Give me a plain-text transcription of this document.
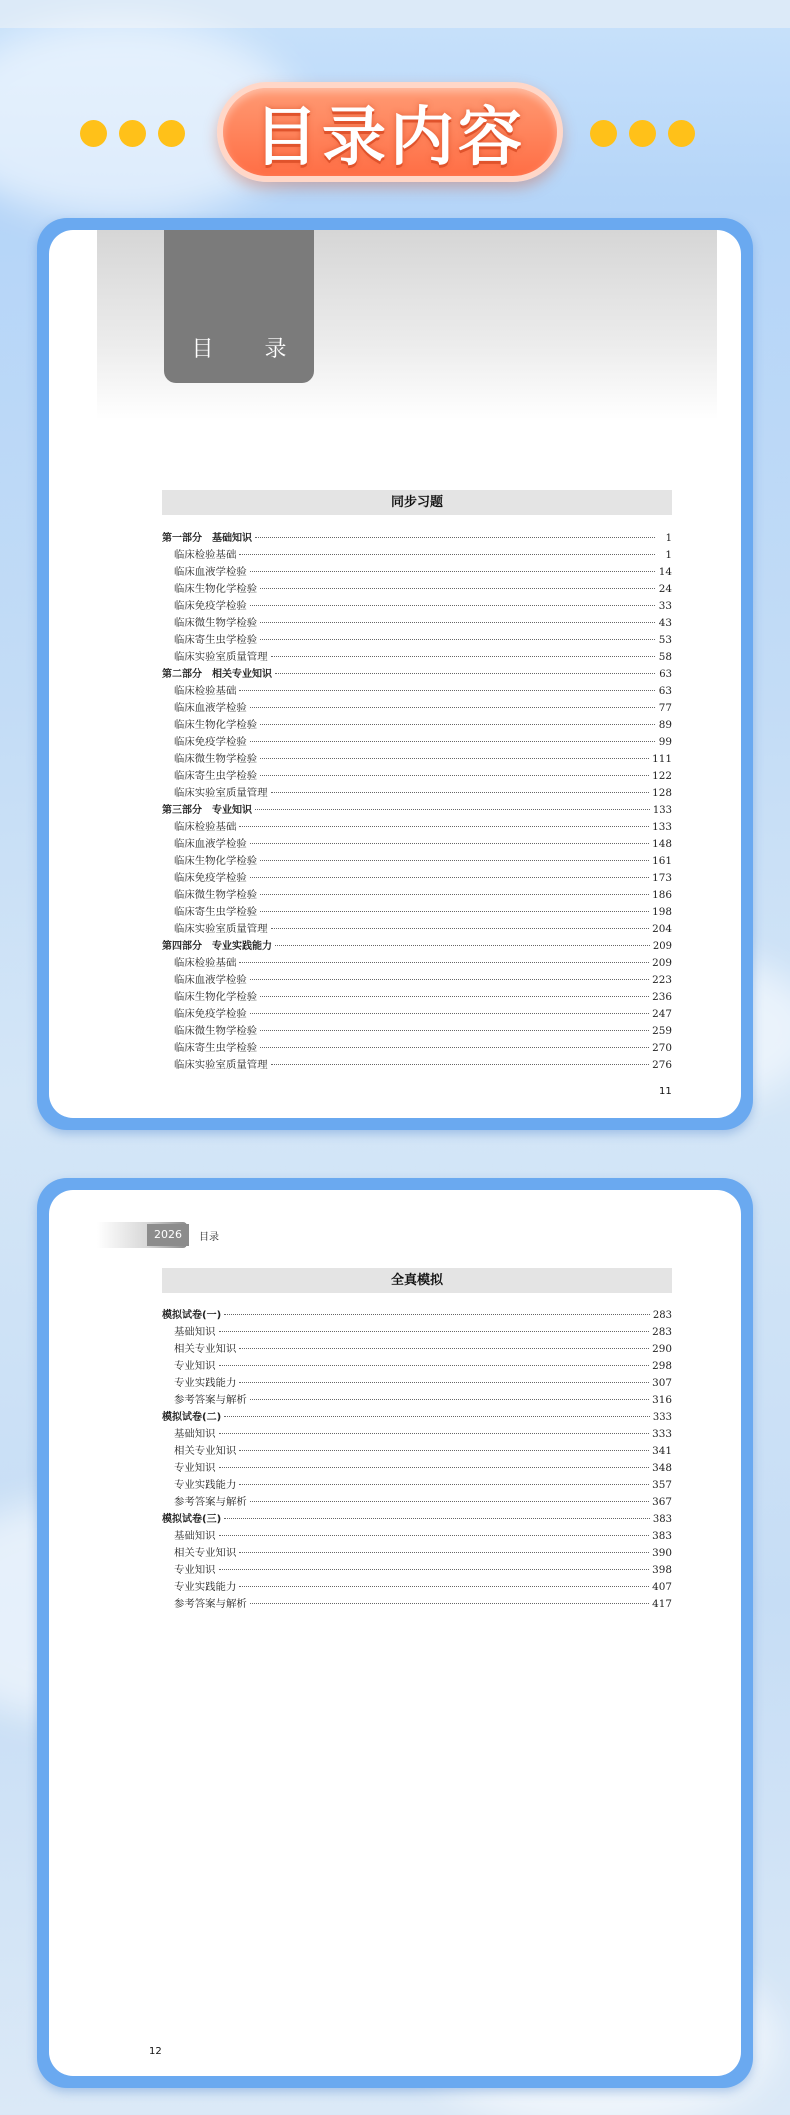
目录内容
目 录
同步习题
第一部分　基础知识	1
临床检验基础	1
临床血液学检验	14
临床生物化学检验	24
临床免疫学检验	33
临床微生物学检验	43
临床寄生虫学检验	53
临床实验室质量管理	58
第二部分　相关专业知识	63
临床检验基础	63
临床血液学检验	77
临床生物化学检验	89
临床免疫学检验	99
临床微生物学检验	111
临床寄生虫学检验	122
临床实验室质量管理	128
第三部分　专业知识	133
临床检验基础	133
临床血液学检验	148
临床生物化学检验	161
临床免疫学检验	173
临床微生物学检验	186
临床寄生虫学检验	198
临床实验室质量管理	204
第四部分　专业实践能力	209
临床检验基础	209
临床血液学检验	223
临床生物化学检验	236
临床免疫学检验	247
临床微生物学检验	259
临床寄生虫学检验	270
临床实验室质量管理	276
11
2026	目录
全真模拟
模拟试卷(一)	283
基础知识	283
相关专业知识	290
专业知识	298
专业实践能力	307
参考答案与解析	316
模拟试卷(二)	333
基础知识	333
相关专业知识	341
专业知识	348
专业实践能力	357
参考答案与解析	367
模拟试卷(三)	383
基础知识	383
相关专业知识	390
专业知识	398
专业实践能力	407
参考答案与解析	417
12
